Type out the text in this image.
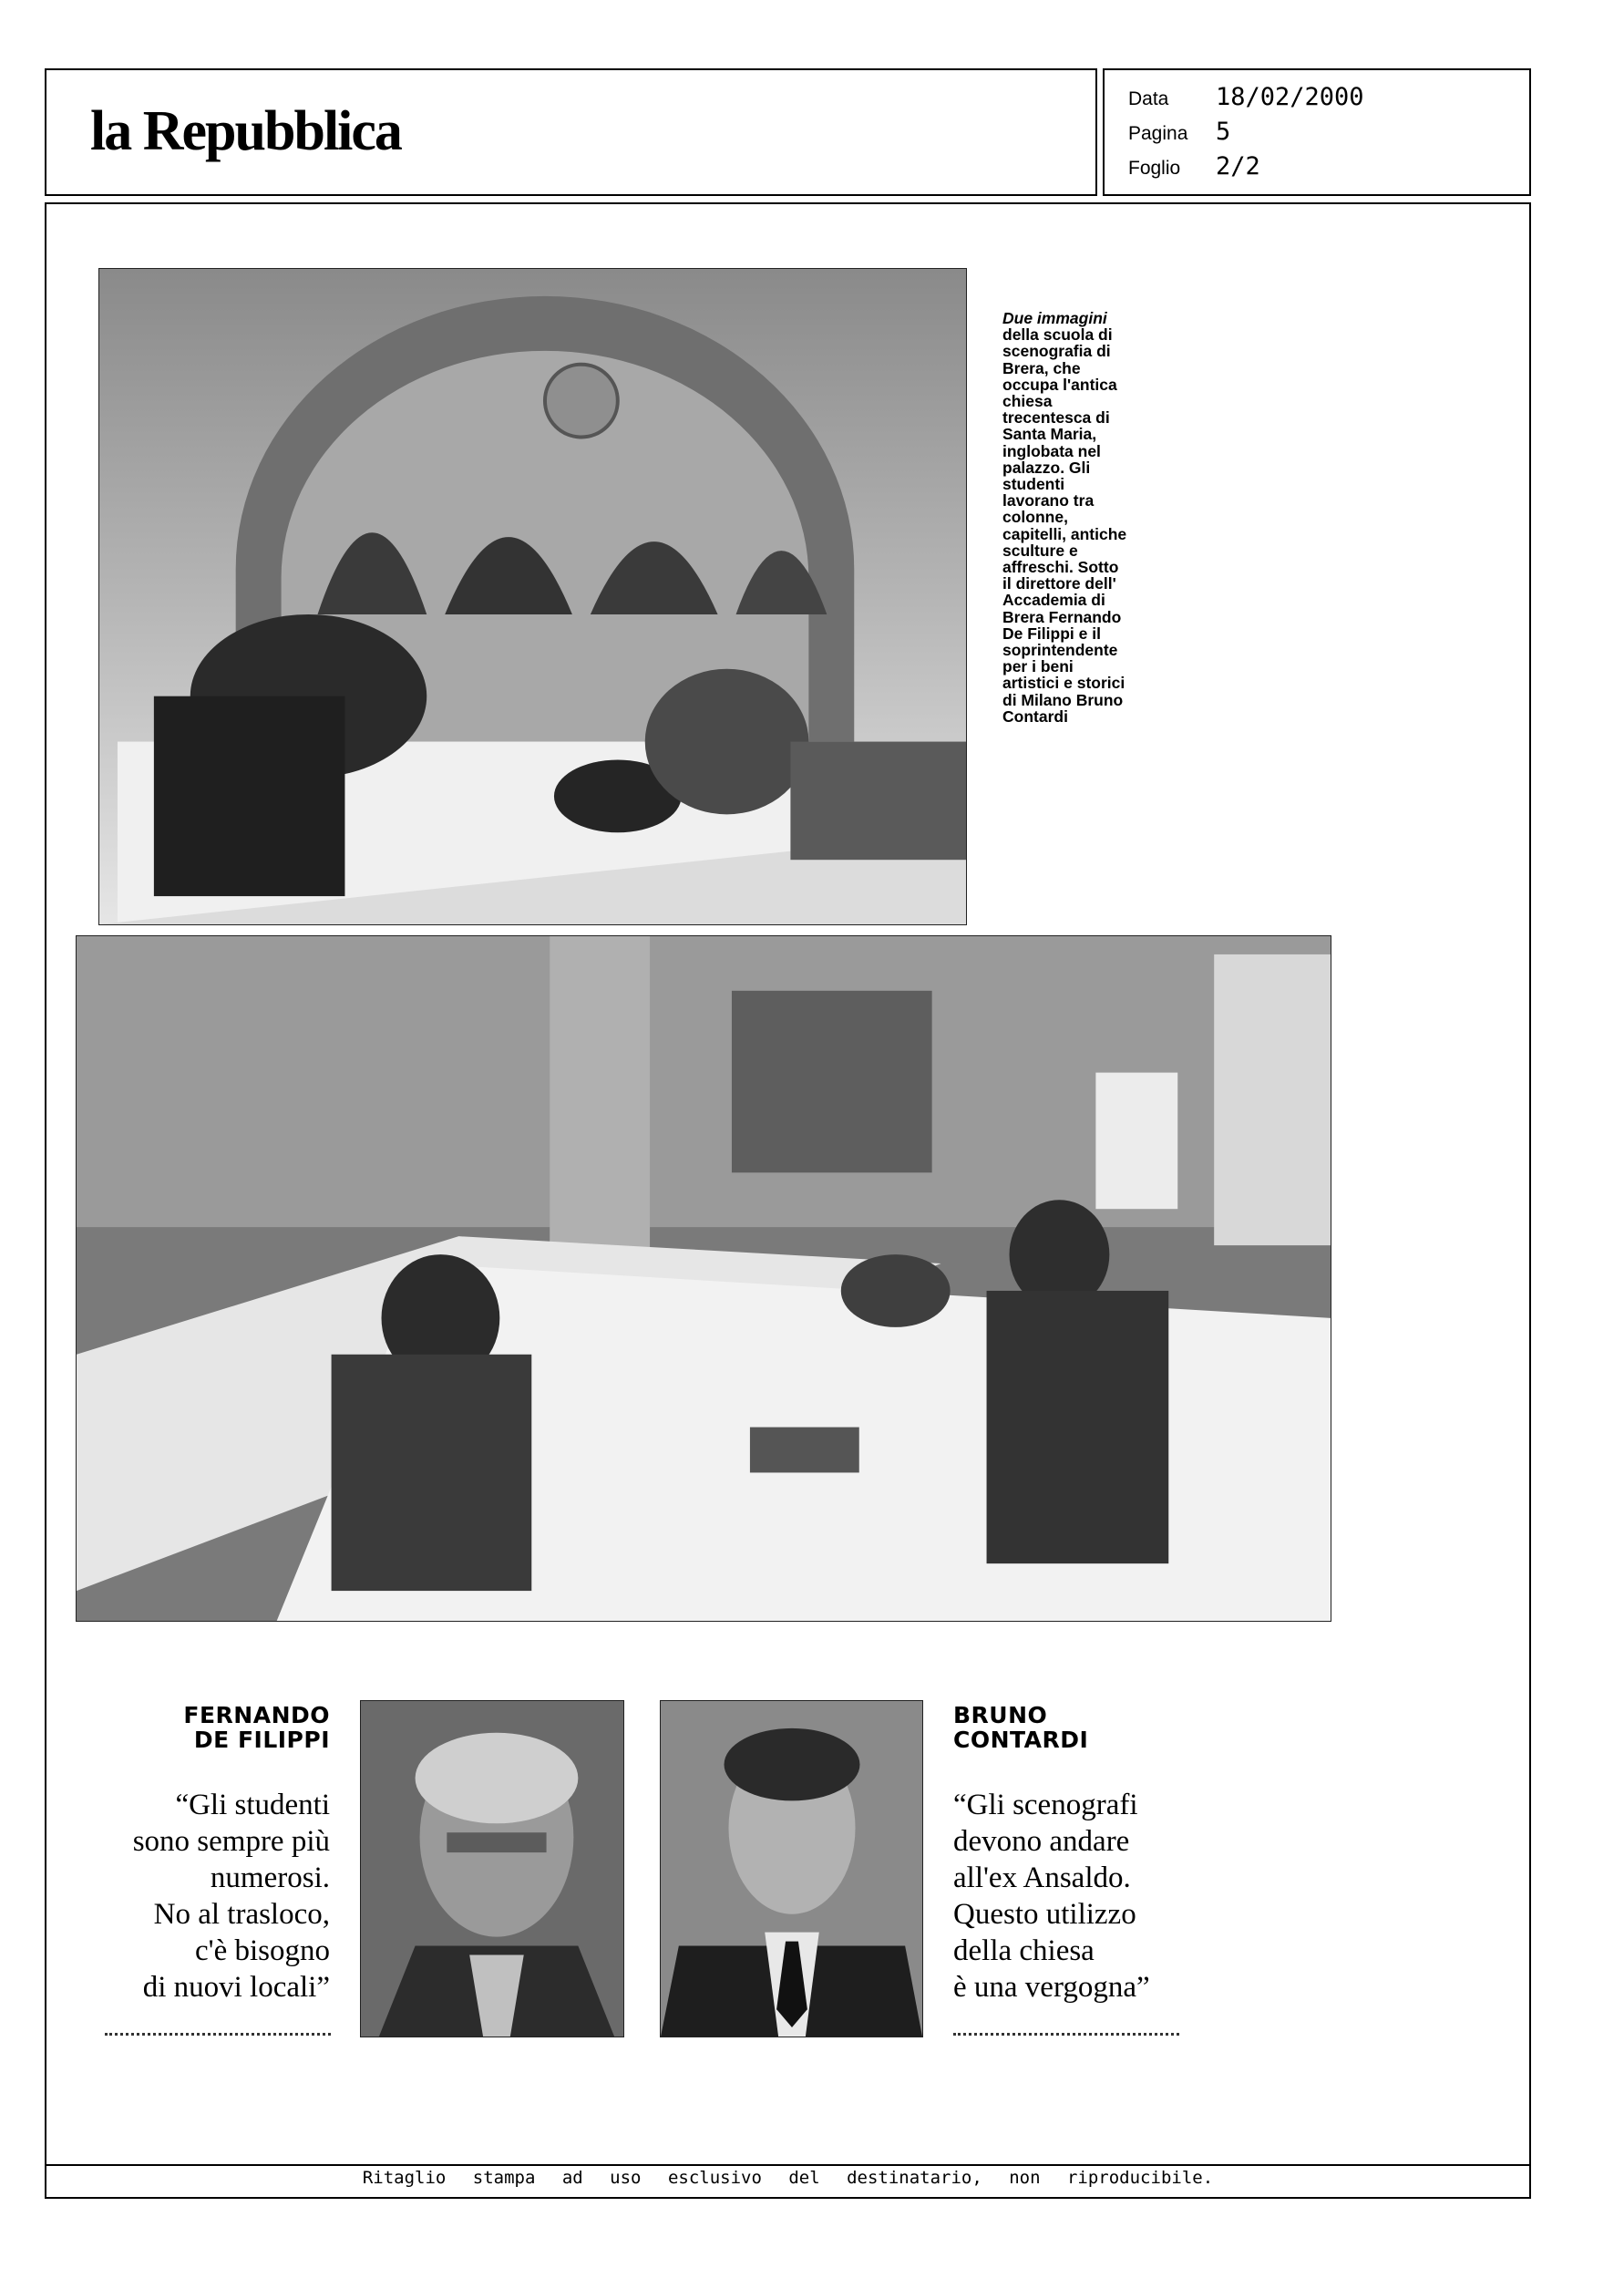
la Repubblica
Data	18/02/2000
Pagina	5
Foglio	2/2
Due immagini della scuola di scenografia di Brera, che occupa l'antica chiesa trecentesca di Santa Maria, inglobata nel palazzo. Gli studenti lavorano tra colonne, capitelli, antiche sculture e affreschi. Sotto il direttore dell' Accademia di Brera Fernando De Filippi e il soprintendente per i beni artistici e storici di Milano Bruno Contardi
FERNANDO
DE FILIPPI
“Gli studenti
sono sempre più
numerosi.
No al trasloco,
c'è bisogno
di nuovi locali”
BRUNO
CONTARDI
“Gli scenografi
devono andare
all'ex Ansaldo.
Questo utilizzo
della chiesa
è una vergogna”
Ritaglio stampa ad uso esclusivo del destinatario, non riproducibile.
